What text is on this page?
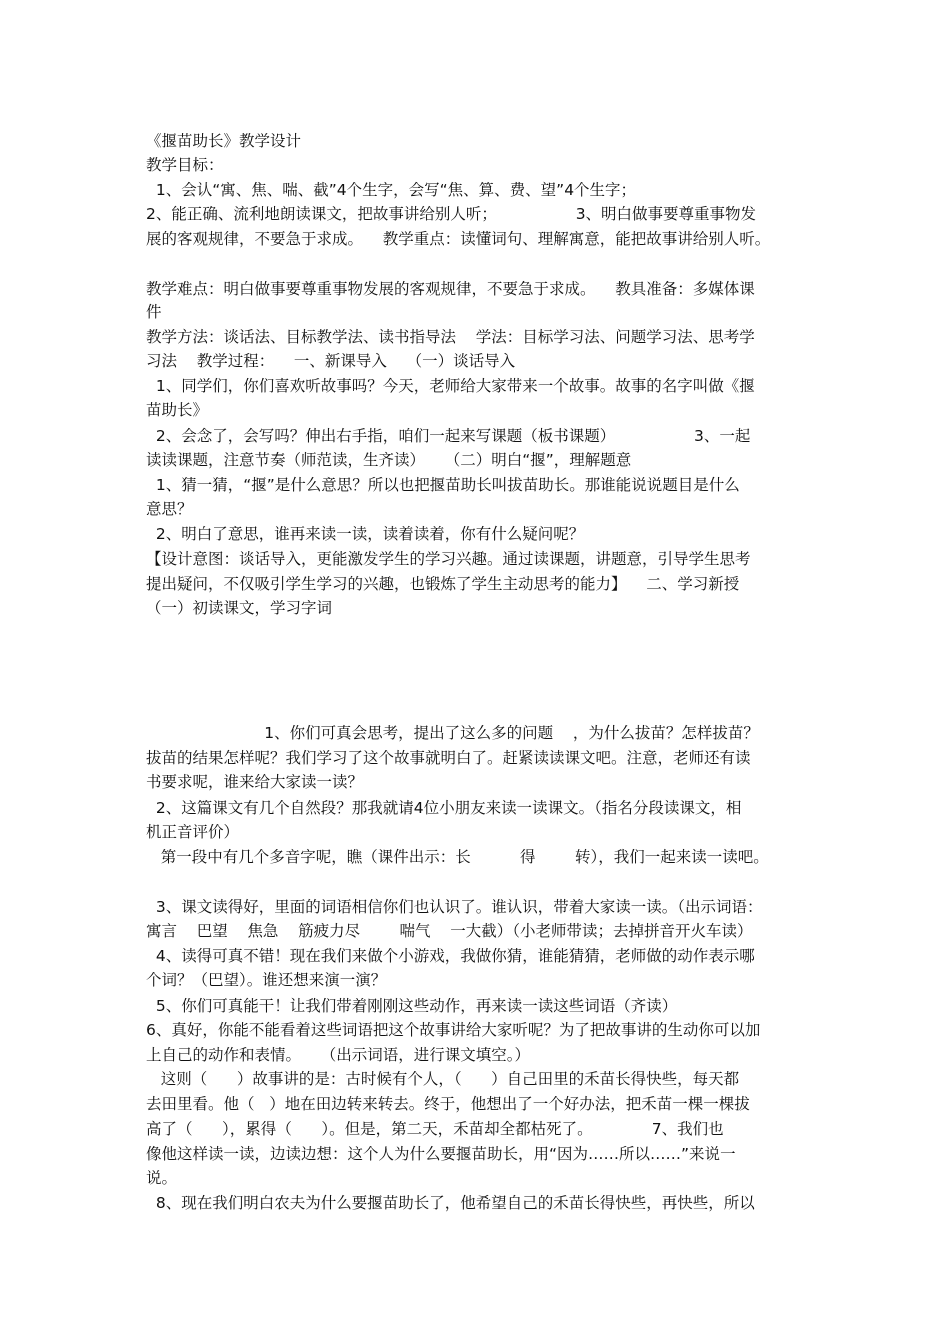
《揠苗助长》教学设计

教学目标：

1、会认“寓、焦、喘、截”4个生字，会写“焦、算、费、望”4个生字；

2、能正确、流利地朗读课文，把故事讲给别人听；                3、明白做事要尊重事物发

展的客观规律，不要急于求成。    教学重点：读懂词句、理解寓意，能把故事讲给别人听。

教学难点：明白做事要尊重事物发展的客观规律，不要急于求成。    教具准备：多媒体课

件

教学方法：谈话法、目标教学法、读书指导法    学法：目标学习法、问题学习法、思考学

习法    教学过程：    一、新课导入    （一）谈话导入

1、同学们，你们喜欢听故事吗？今天，老师给大家带来一个故事。故事的名字叫做《揠

苗助长》

2、会念了，会写吗？伸出右手指，咱们一起来写课题（板书课题）                3、一起

读读课题，注意节奏（师范读，生齐读）    （二）明白“揠”，理解题意

1、猜一猜，“揠”是什么意思？所以也把揠苗助长叫拔苗助长。那谁能说说题目是什么

意思？

2、明白了意思，谁再来读一读，读着读着，你有什么疑问呢？

【设计意图：谈话导入，更能激发学生的学习兴趣。通过读课题，讲题意，引导学生思考

提出疑问，不仅吸引学生学习的兴趣，也锻炼了学生主动思考的能力】    二、学习新授

（一）初读课文，学习字词

1、你们可真会思考，提出了这么多的问题    ，为什么拔苗？怎样拔苗？

拔苗的结果怎样呢？我们学习了这个故事就明白了。赶紧读读课文吧。注意，老师还有读

书要求呢，谁来给大家读一读？

2、这篇课文有几个自然段？那我就请4位小朋友来读一读课文。（指名分段读课文，相

机正音评价）

第一段中有几个多音字呢，瞧（课件出示：长          得        转），我们一起来读一读吧。

3、课文读得好，里面的词语相信你们也认识了。谁认识，带着大家读一读。（出示词语：

寓言    巴望    焦急    筋疲力尽        喘气    一大截）（小老师带读；去掉拼音开火车读）

4、读得可真不错！现在我们来做个小游戏，我做你猜，谁能猜猜，老师做的动作表示哪

个词？（巴望）。谁还想来演一演？

5、你们可真能干！让我们带着刚刚这些动作，再来读一读这些词语（齐读）

6、真好，你能不能看着这些词语把这个故事讲给大家听呢？为了把故事讲的生动你可以加

上自己的动作和表情。    （出示词语，进行课文填空。）

这则（      ）故事讲的是：古时候有个人，（      ）自己田里的禾苗长得快些，每天都

去田里看。他（   ）地在田边转来转去。终于，他想出了一个好办法，把禾苗一棵一棵拔

高了（      ），累得（      ）。但是，第二天，禾苗却全都枯死了。            7、我们也

像他这样读一读，边读边想：这个人为什么要揠苗助长，用“因为……所以……”来说一

说。

8、现在我们明白农夫为什么要揠苗助长了，他希望自己的禾苗长得快些，再快些，所以
